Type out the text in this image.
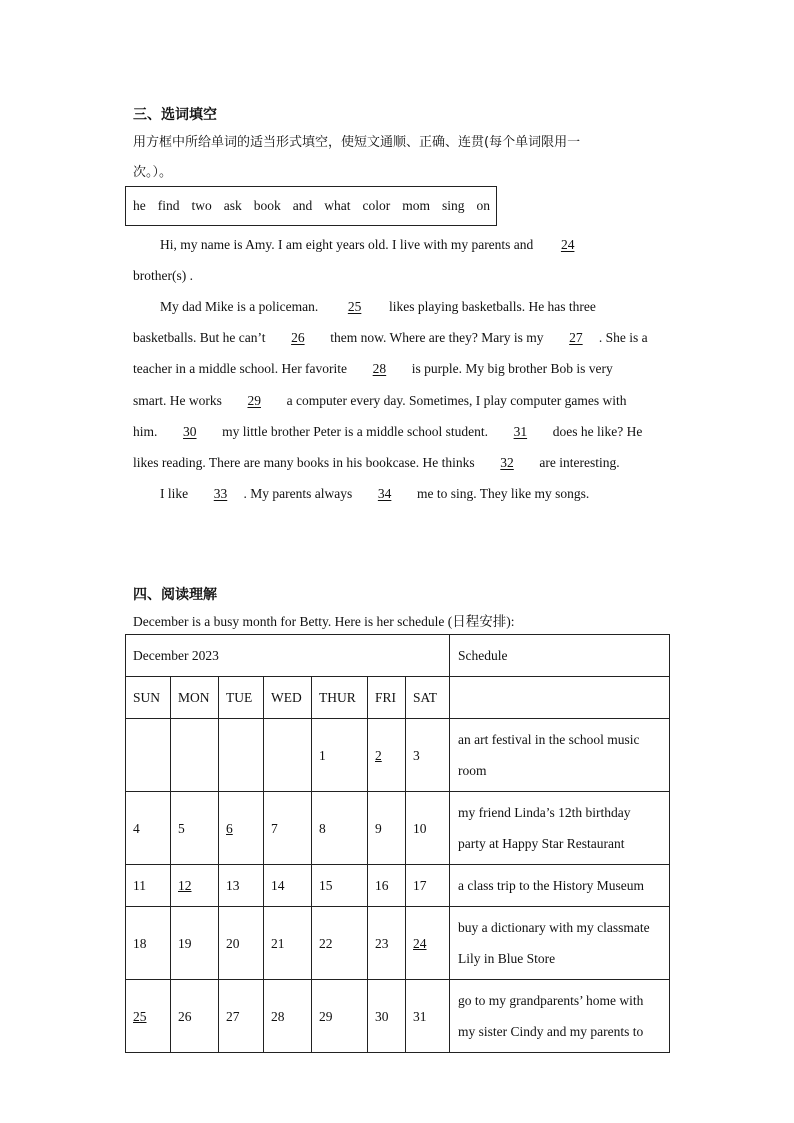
三、选词填空
用方框中所给单词的适当形式填空，使短文通顺、正确、连贯(每个单词限用一
次。）。
he find two ask book and what color mom sing on
Hi, my name is Amy. I am eight years old. I live with my parents and 24
brother(s) .
My dad Mike is a policeman. 25 likes playing basketballs. He has three
basketballs. But he can’t 26 them now. Where are they? Mary is my 27 . She is a
teacher in a middle school. Her favorite 28 is purple. My big brother Bob is very
smart. He works 29 a computer every day. Sometimes, I play computer games with
him. 30 my little brother Peter is a middle school student. 31 does he like? He
likes reading. There are many books in his bookcase. He thinks 32 are interesting.
I like 33 . My parents always 34 me to sing. They like my songs.
四、阅读理解
December is a busy month for Betty. Here is her schedule (日程安排):
December 2023							Schedule
SUN	MON	TUE	WED	THUR	FRI	SAT	
				1	2	3	an art festival in the school music
room

4	5	6	7	8	9	10	my friend Linda’s 12th birthday
party at Happy Star Restaurant

11	12	13	14	15	16	17	a class trip to the History Museum

18	19	20	21	22	23	24	buy a dictionary with my classmate
Lily in Blue Store

25	26	27	28	29	30	31	go to my grandparents’ home with
my sister Cindy and my parents to
